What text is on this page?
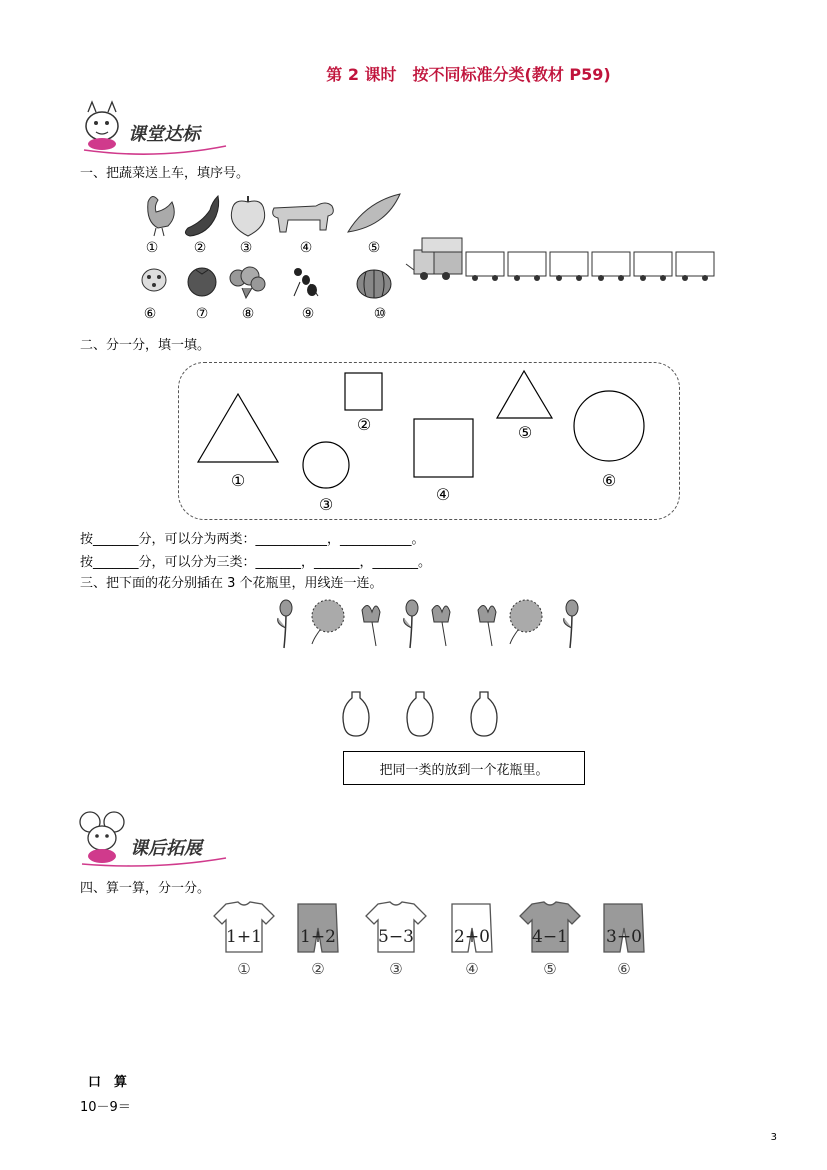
第 2 课时　按不同标准分类(教材 P59)
课堂达标
一、把蔬菜送上车，填序号。
①	② ③	④	⑤
⑥	⑦ ⑧	⑨	⑩
二、分一分，填一填。
①
②
③
④
⑤
⑥
按_______分，可以分为两类：___________，___________。
按_______分，可以分为三类：_______，_______，_______。
三、把下面的花分别插在 3 个花瓶里，用线连一连。
把同一类的放到一个花瓶里。
课后拓展
四、算一算，分一分。
1+1
①
1+2
②
5−3
③
2+0
④
4−1
⑤
3−0
⑥
口　算
10－9＝
3
